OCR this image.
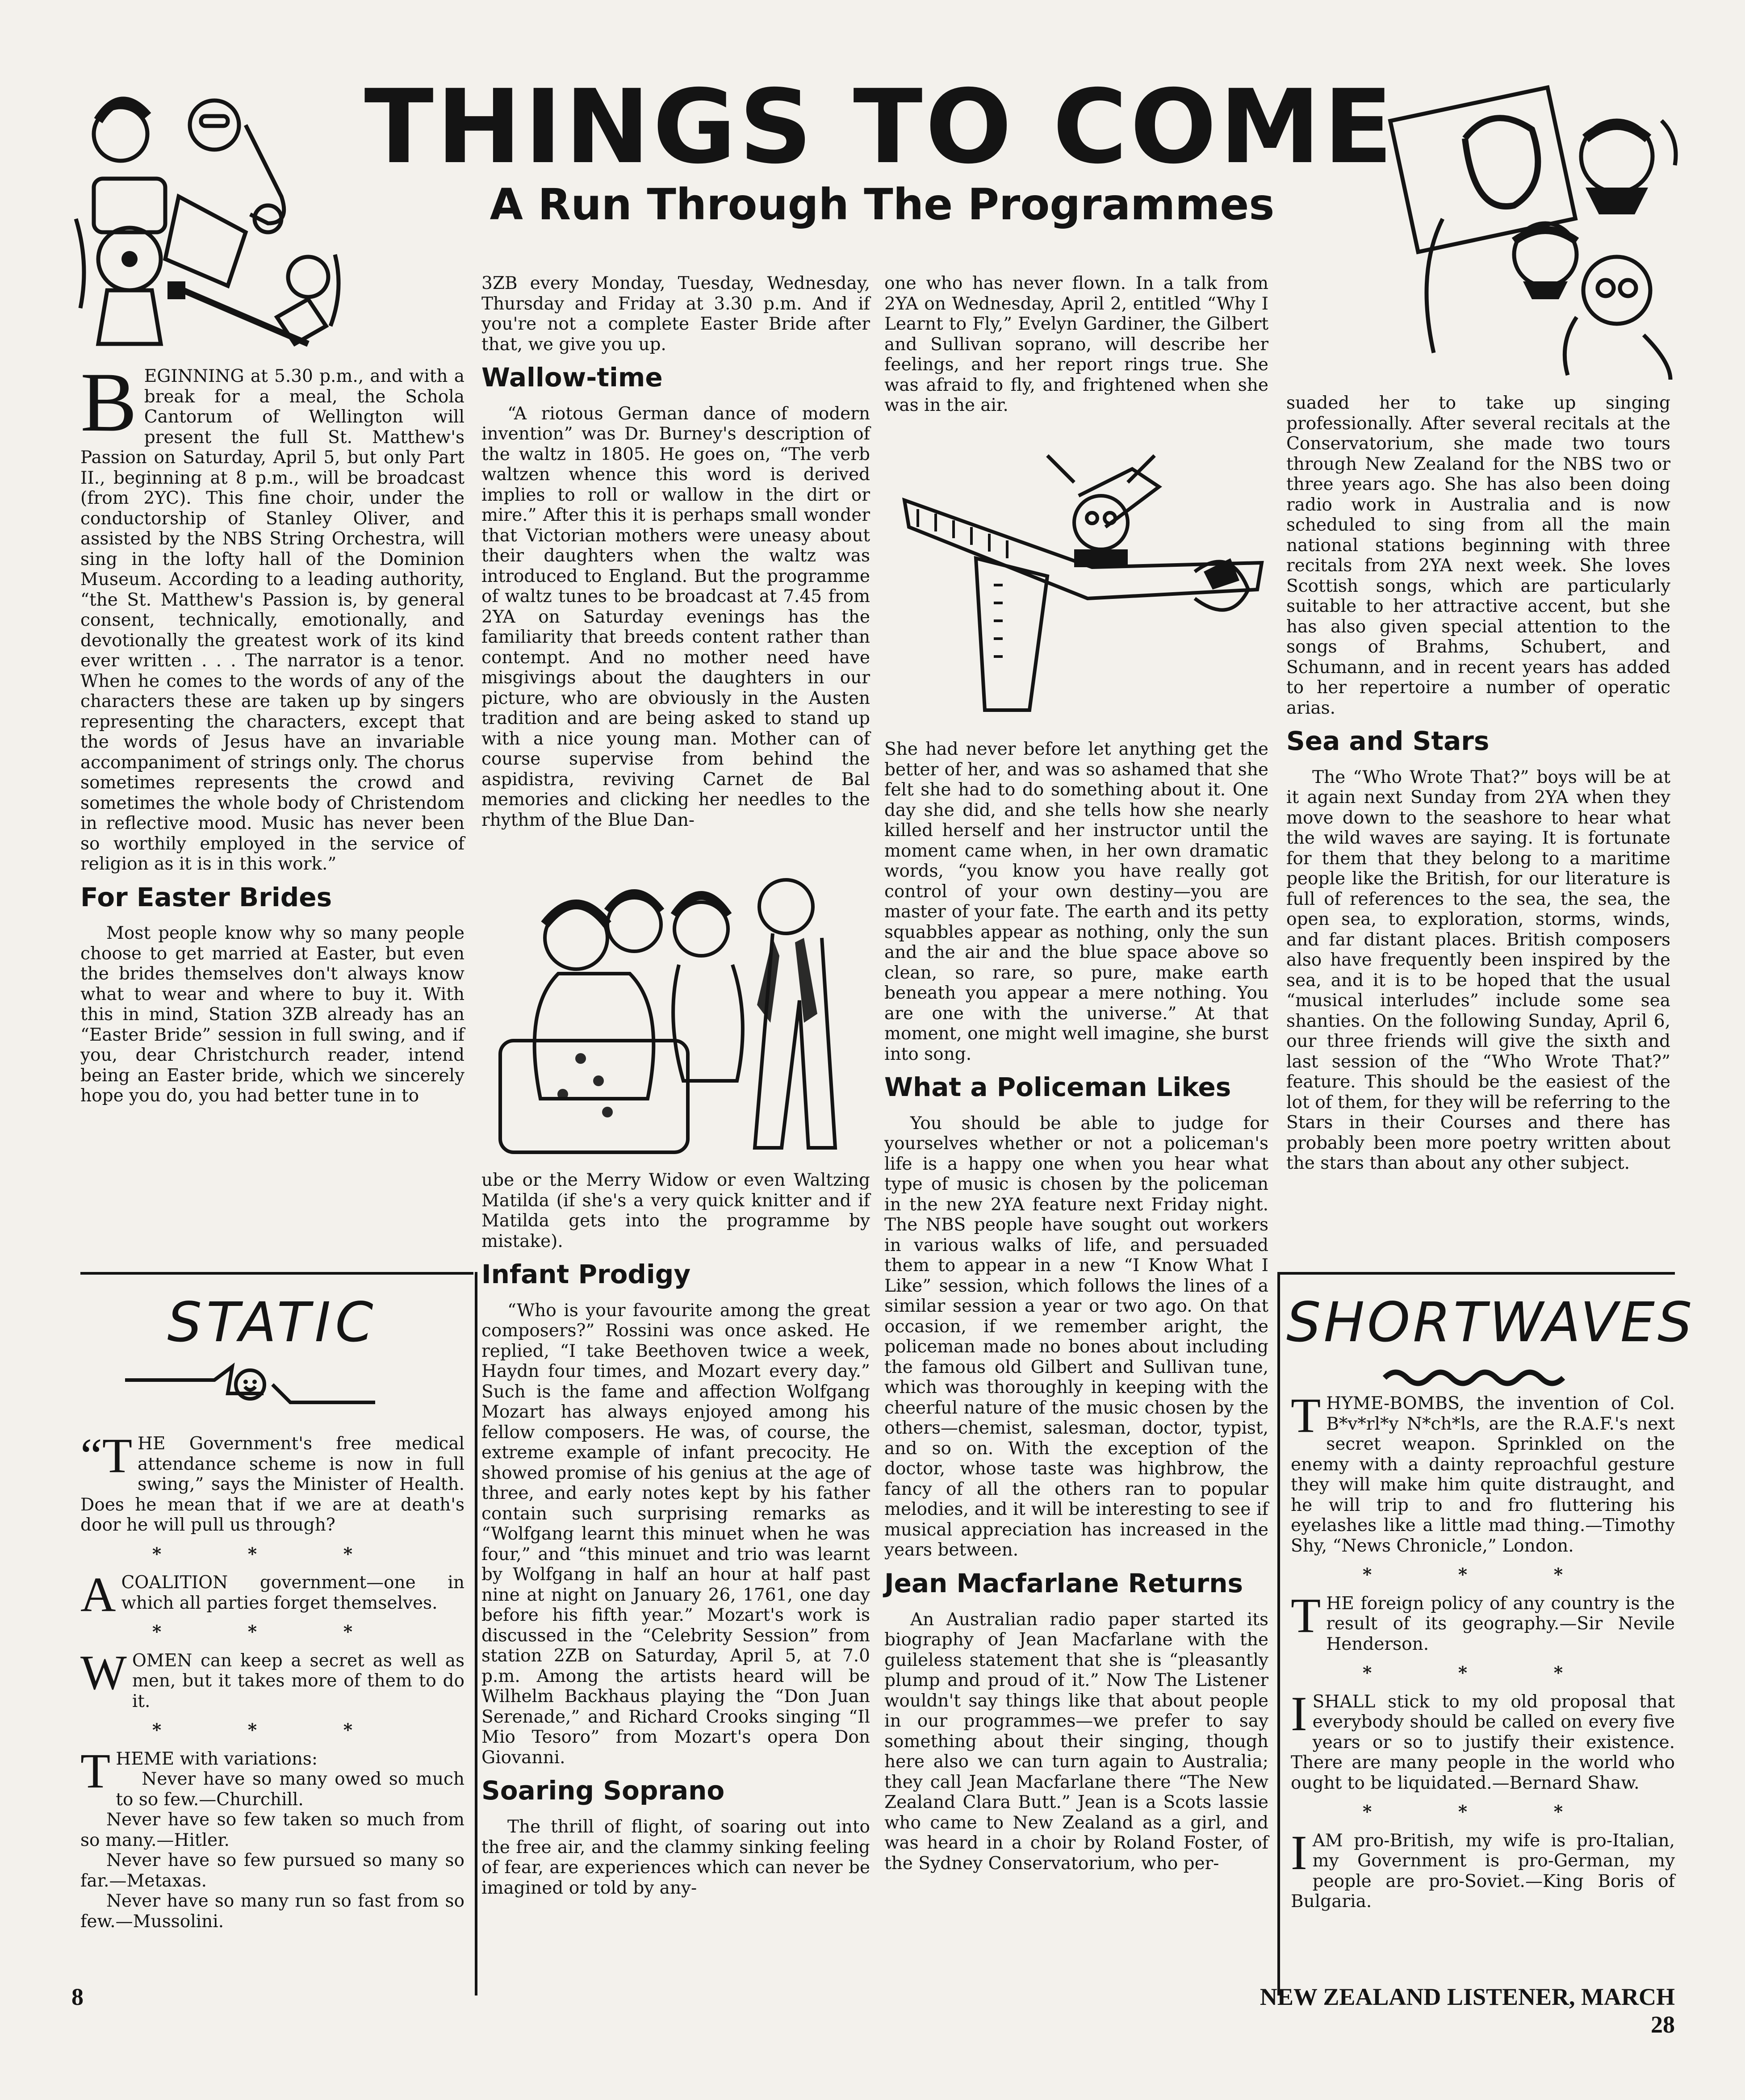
THINGS TO COME
A Run Through The Programmes

BEGINNING at 5.30 p.m., and with a break for a meal, the Schola Cantorum of Wellington will present the full St. Matthew's Passion on Saturday, April 5, but only Part II., beginning at 8 p.m., will be broadcast (from 2YC). This fine choir, under the conductorship of Stanley Oliver, and assisted by the NBS String Orchestra, will sing in the lofty hall of the Dominion Museum. According to a leading authority, “the St. Matthew's Passion is, by general consent, technically, emotionally, and devotionally the greatest work of its kind ever written . . . The narrator is a tenor. When he comes to the words of any of the characters these are taken up by singers representing the characters, except that the words of Jesus have an invariable accompaniment of strings only. The chorus sometimes represents the crowd and sometimes the whole body of Christendom in reflective mood. Music has never been so worthily employed in the service of religion as it is in this work.”

For Easter Brides

Most people know why so many people choose to get married at Easter, but even the brides themselves don't always know what to wear and where to buy it. With this in mind, Station 3ZB already has an “Easter Bride” session in full swing, and if you, dear Christchurch reader, intend being an Easter bride, which we sincerely hope you do, you had better tune in to

3ZB every Monday, Tuesday, Wednesday, Thursday and Friday at 3.30 p.m. And if you're not a complete Easter Bride after that, we give you up.

Wallow-time

“A riotous German dance of modern invention” was Dr. Burney's description of the waltz in 1805. He goes on, “The verb waltzen whence this word is derived implies to roll or wallow in the dirt or mire.” After this it is perhaps small wonder that Victorian mothers were uneasy about their daughters when the waltz was introduced to England. But the programme of waltz tunes to be broadcast at 7.45 from 2YA on Saturday evenings has the familiarity that breeds content rather than contempt. And no mother need have misgivings about the daughters in our picture, who are obviously in the Austen tradition and are being asked to stand up with a nice young man. Mother can of course supervise from behind the aspidistra, reviving Carnet de Bal memories and clicking her needles to the rhythm of the Blue Dan-

ube or the Merry Widow or even Waltzing Matilda (if she's a very quick knitter and if Matilda gets into the programme by mistake).

Infant Prodigy

“Who is your favourite among the great composers?” Rossini was once asked. He replied, “I take Beethoven twice a week, Haydn four times, and Mozart every day.” Such is the fame and affection Wolfgang Mozart has always enjoyed among his fellow composers. He was, of course, the extreme example of infant precocity. He showed promise of his genius at the age of three, and early notes kept by his father contain such surprising remarks as “Wolfgang learnt this minuet when he was four,” and “this minuet and trio was learnt by Wolfgang in half an hour at half past nine at night on January 26, 1761, one day before his fifth year.” Mozart's work is discussed in the “Celebrity Session” from station 2ZB on Saturday, April 5, at 7.0 p.m. Among the artists heard will be Wilhelm Backhaus playing the “Don Juan Serenade,” and Richard Crooks singing “Il Mio Tesoro” from Mozart's opera Don Giovanni.

Soaring Soprano

The thrill of flight, of soaring out into the free air, and the clammy sinking feeling of fear, are experiences which can never be imagined or told by any-

one who has never flown. In a talk from 2YA on Wednesday, April 2, entitled “Why I Learnt to Fly,” Evelyn Gardiner, the Gilbert and Sullivan soprano, will describe her feelings, and her report rings true. She was afraid to fly, and frightened when she was in the air.

She had never before let anything get the better of her, and was so ashamed that she felt she had to do something about it. One day she did, and she tells how she nearly killed herself and her instructor until the moment came when, in her own dramatic words, “you know you have really got control of your own destiny—you are master of your fate. The earth and its petty squabbles appear as nothing, only the sun and the air and the blue space above so clean, so rare, so pure, make earth beneath you appear a mere nothing. You are one with the universe.” At that moment, one might well imagine, she burst into song.

What a Policeman Likes

You should be able to judge for yourselves whether or not a policeman's life is a happy one when you hear what type of music is chosen by the policeman in the new 2YA feature next Friday night. The NBS people have sought out workers in various walks of life, and persuaded them to appear in a new “I Know What I Like” session, which follows the lines of a similar session a year or two ago. On that occasion, if we remember aright, the policeman made no bones about including the famous old Gilbert and Sullivan tune, which was thoroughly in keeping with the cheerful nature of the music chosen by the others—chemist, salesman, doctor, typist, and so on. With the exception of the doctor, whose taste was highbrow, the fancy of all the others ran to popular melodies, and it will be interesting to see if musical appreciation has increased in the years between.

Jean Macfarlane Returns

An Australian radio paper started its biography of Jean Macfarlane with the guileless statement that she is “pleasantly plump and proud of it.” Now The Listener wouldn't say things like that about people in our programmes—we prefer to say something about their singing, though here also we can turn again to Australia; they call Jean Macfarlane there “The New Zealand Clara Butt.” Jean is a Scots lassie who came to New Zealand as a girl, and was heard in a choir by Roland Foster, of the Sydney Conservatorium, who per-

suaded her to take up singing professionally. After several recitals at the Conservatorium, she made two tours through New Zealand for the NBS two or three years ago. She has also been doing radio work in Australia and is now scheduled to sing from all the main national stations beginning with three recitals from 2YA next week. She loves Scottish songs, which are particularly suitable to her attractive accent, but she has also given special attention to the songs of Brahms, Schubert, and Schumann, and in recent years has added to her repertoire a number of operatic arias.

Sea and Stars

The “Who Wrote That?” boys will be at it again next Sunday from 2YA when they move down to the seashore to hear what the wild waves are saying. It is fortunate for them that they belong to a maritime people like the British, for our literature is full of references to the sea, the sea, the open sea, to exploration, storms, winds, and far distant places. British composers also have frequently been inspired by the sea, and it is to be hoped that the usual “musical interludes” include some sea shanties. On the following Sunday, April 6, our three friends will give the sixth and last session of the “Who Wrote That?” feature. This should be the easiest of the lot of them, for they will be referring to the Stars in their Courses and there has probably been more poetry written about the stars than about any other subject.

STATIC

“THE Government's free medical attendance scheme is now in full swing,” says the Minister of Health. Does he mean that if we are at death's door he will pull us through?

* * *

ACOALITION government—one in which all parties forget themselves.

* * *

WOMEN can keep a secret as well as men, but it takes more of them to do it.

* * *

THEME with variations:

Never have so many owed so much to so few.—Churchill.

Never have so few taken so much from so many.—Hitler.

Never have so few pursued so many so far.—Metaxas.

Never have so many run so fast from so few.—Mussolini.

SHORTWAVES

THYME-BOMBS, the invention of Col. B*v*rl*y N*ch*ls, are the R.A.F.'s next secret weapon. Sprinkled on the enemy with a dainty reproachful gesture they will make him quite distraught, and he will trip to and fro fluttering his eyelashes like a little mad thing.—Timothy Shy, “News Chronicle,” London.

* * *

THE foreign policy of any country is the result of its geography.—Sir Nevile Henderson.

* * *

ISHALL stick to my old proposal that everybody should be called on every five years or so to justify their existence. There are many people in the world who ought to be liquidated.—Bernard Shaw.

* * *

IAM pro-British, my wife is pro-Italian, my Government is pro-German, my people are pro-Soviet.—King Boris of Bulgaria.

8	NEW ZEALAND LISTENER, MARCH 28
